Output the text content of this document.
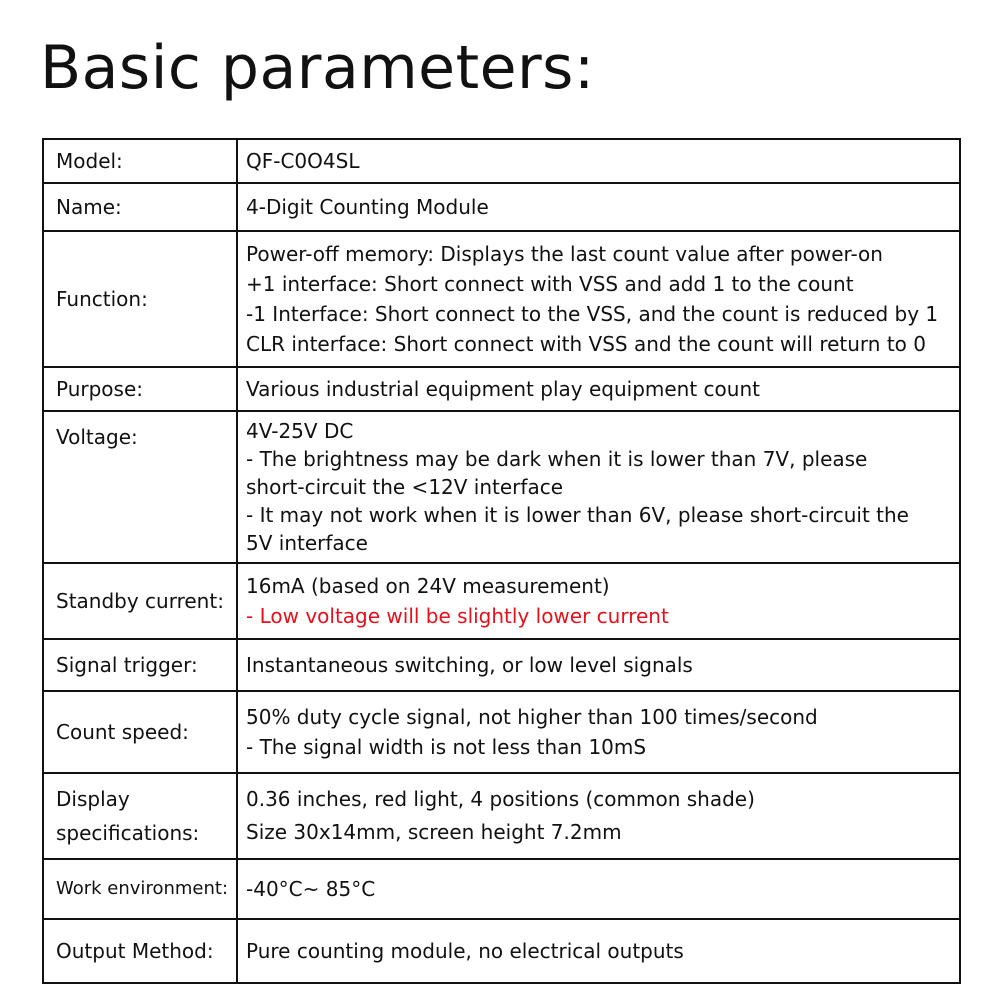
Basic parameters:
Model:	QF-C0O4SL
Name:	4-Digit Counting Module
Function:	Power-off memory: Displays the last count value after power-on
+1 interface: Short connect with VSS and add 1 to the count
-1 Interface: Short connect to the VSS, and the count is reduced by 1
CLR interface: Short connect with VSS and the count will return to 0

Purpose:	Various industrial equipment play equipment count
Voltage:	4V-25V DC
- The brightness may be dark when it is lower than 7V, please
short-circuit the <12V interface
- It may not work when it is lower than 6V, please short-circuit the
5V interface

Standby current:	16mA (based on 24V measurement)
- Low voltage will be slightly lower current

Signal trigger:	Instantaneous switching, or low level signals
Count speed:	50% duty cycle signal, not higher than 100 times/second
- The signal width is not less than 10mS

Display
specifications:	0.36 inches, red light, 4 positions (common shade)
Size 30x14mm, screen height 7.2mm

Work environment:	-40°C~ 85°C
Output Method:	Pure counting module, no electrical outputs
